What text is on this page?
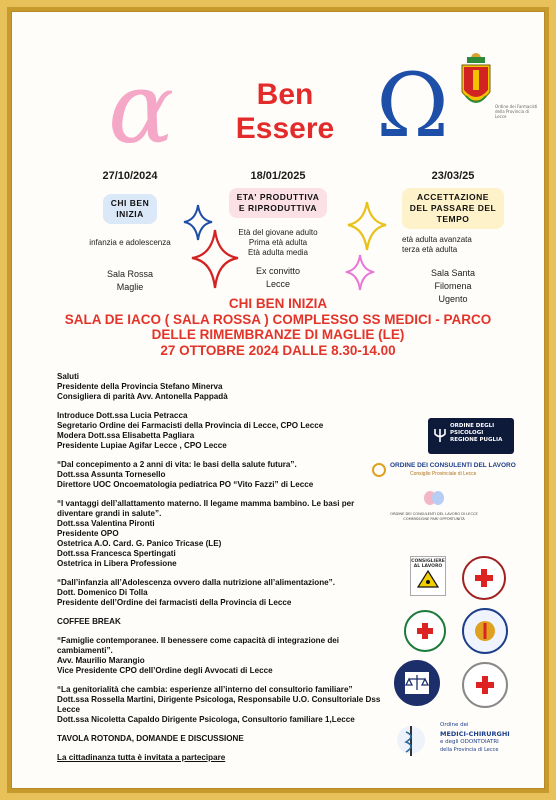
α	Ben
Essere Ω	Ordine dei Farmacisti della Provincia di Lecce
27/10/2024
CHI BEN
INIZIA
infanzia e adolescenza
Sala Rossa
Maglie
18/01/2025
ETA' PRODUTTIVA
E RIPRODUTTIVA
Età del giovane adulto
Prima età adulta
Età adulta media
Ex convitto
Lecce
23/03/25
ACCETTAZIONE
DEL PASSARE DEL
TEMPO
età adulta avanzata
terza età adulta
Sala Santa
Filomena
Ugento
CHI BEN INIZIA
SALA DE IACO ( SALA ROSSA ) COMPLESSO SS MEDICI - PARCO
DELLE RIMEMBRANZE DI MAGLIE (LE)
27 OTTOBRE 2024 DALLE 8.30-14.00
Saluti
Presidente della Provincia Stefano Minerva
Consigliera di parità Avv. Antonella Pappadà
Introduce Dott.ssa Lucia Petracca
Segretario Ordine dei Farmacisti della Provincia di Lecce, CPO Lecce
Modera Dott.ssa Elisabetta Pagliara
Presidente Lupiae Agifar Lecce , CPO Lecce
“Dal concepimento a 2 anni di vita: le basi della salute futura”.
Dott.ssa Assunta Tornesello
Direttore UOC Oncoematologia pediatrica PO “Vito Fazzi” di Lecce
“I vantaggi dell’allattamento materno. Il legame mamma bambino. Le basi per diventare grandi in salute”.
Dott.ssa Valentina Pironti
Presidente OPO
Ostetrica A.O. Card. G. Panico Tricase (LE)
Dott.ssa Francesca Spertingati
Ostetrica in Libera Professione
“Dall’infanzia all’Adolescenza ovvero dalla nutrizione all’alimentazione”.
Dott. Domenico Di Tolla
Presidente dell’Ordine dei farmacisti della Provincia di Lecce
COFFEE BREAK
“Famiglie contemporanee. Il benessere come capacità di integrazione dei cambiamenti”.
Avv. Maurilio Marangio
Vice Presidente CPO dell’Ordine degli Avvocati di Lecce
“La genitorialità che cambia: esperienze all’interno del consultorio familiare”
Dott.ssa Rossella Martini, Dirigente Psicologa, Responsabile U.O. Consultoriale Dss Lecce
Dott.ssa Nicoletta Capaldo Dirigente Psicologa, Consultorio familiare 1,Lecce
TAVOLA ROTONDA, DOMANDE E DISCUSSIONE
La cittadinanza tutta è invitata a partecipare
ORDINE DEGLI PSICOLOGI REGIONE PUGLIA
ORDINE DEI CONSULENTI DEL LAVORO
Consiglio Provinciale di Lecce
ORDINE DEI CONSULENTI DEL LAVORO DI LECCE COMMISSIONE PARI OPPORTUNITÀ
CONSIGLIERE AL LAVORO
Ordine dei
MEDICI-CHIRURGHI
e degli ODONTOIATRI
della Provincia di Lecce
